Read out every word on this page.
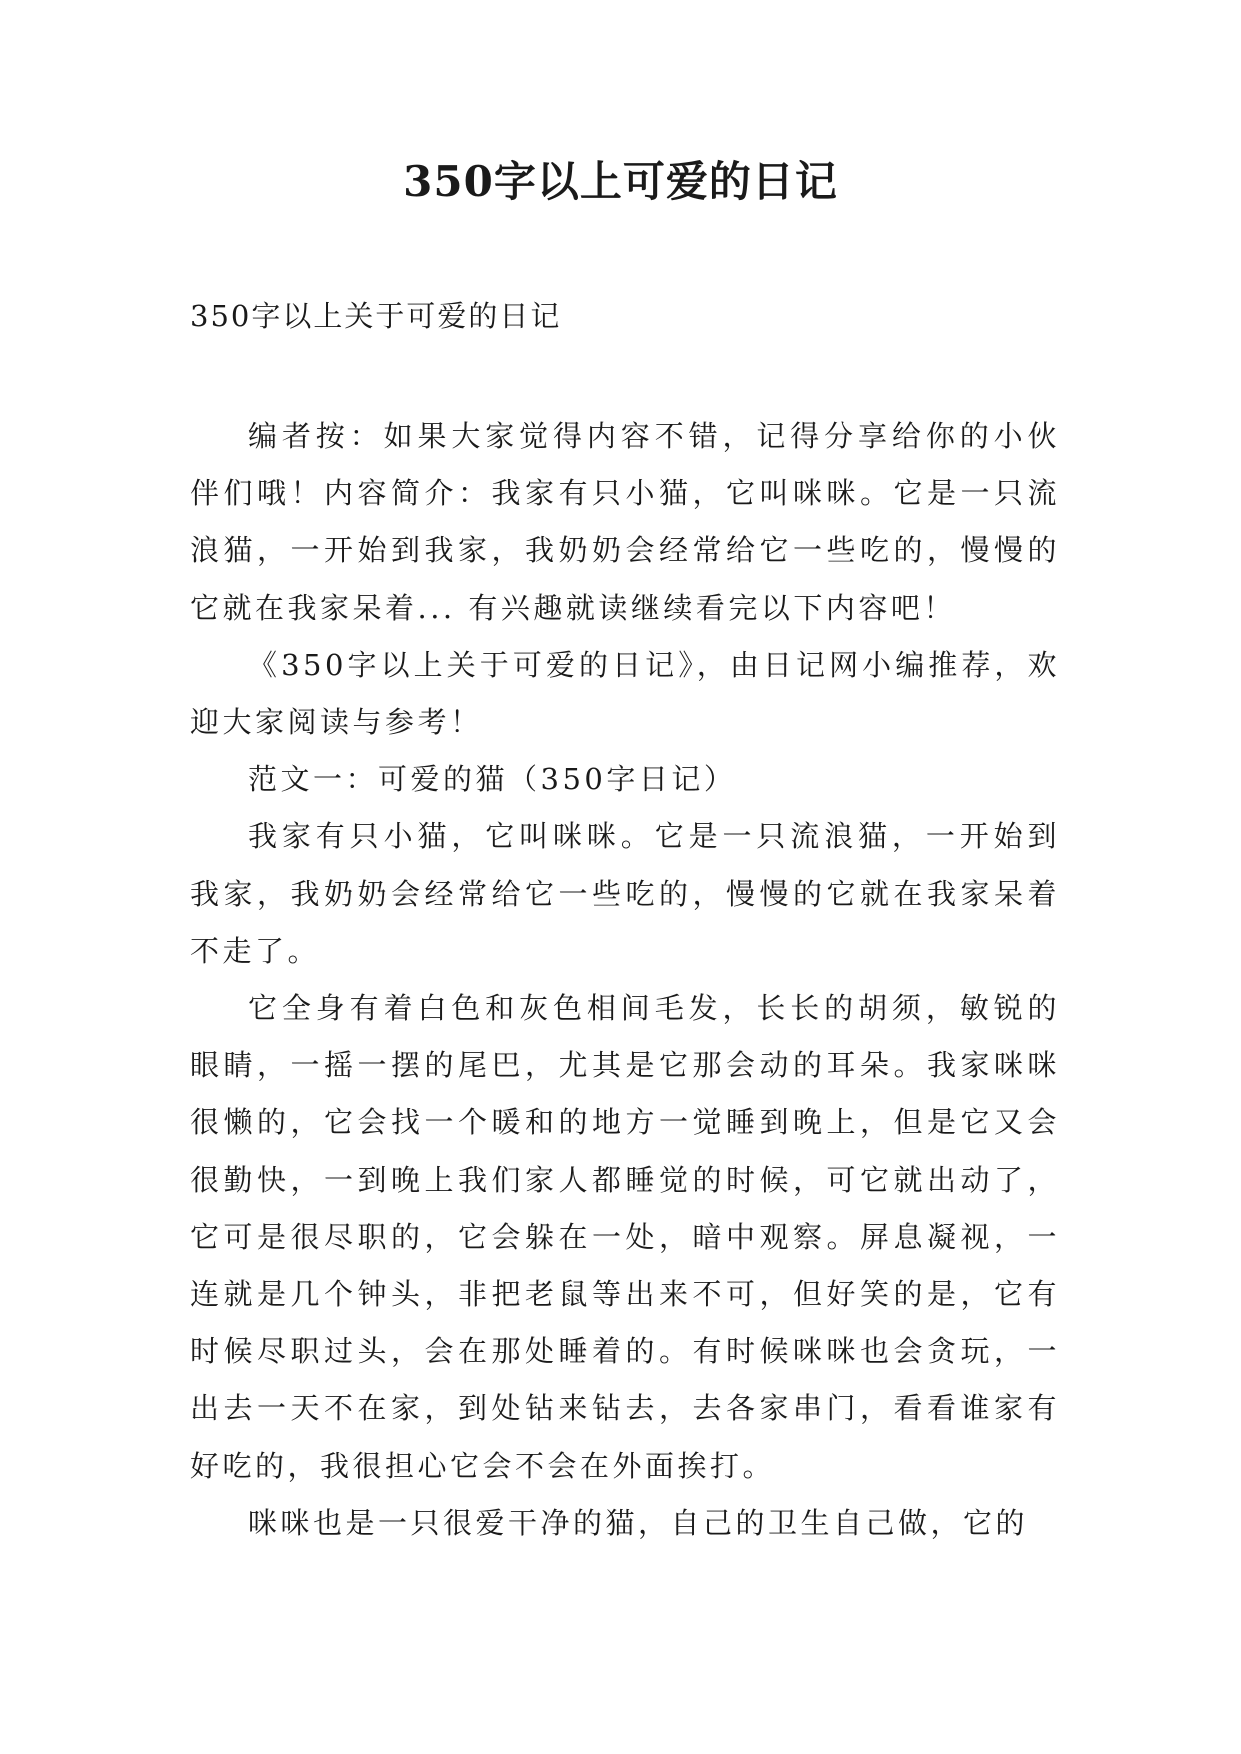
350字以上可爱的日记

350字以上关于可爱的日记

编者按：如果大家觉得内容不错，记得分享给你的小伙伴们哦！内容简介：我家有只小猫，它叫咪咪。它是一只流浪猫，一开始到我家，我奶奶会经常给它一些吃的，慢慢的它就在我家呆着... 有兴趣就读继续看完以下内容吧！

《350字以上关于可爱的日记》，由日记网小编推荐，欢迎大家阅读与参考！

范文一：可爱的猫（350字日记）

我家有只小猫，它叫咪咪。它是一只流浪猫，一开始到我家，我奶奶会经常给它一些吃的，慢慢的它就在我家呆着不走了。

它全身有着白色和灰色相间毛发，长长的胡须，敏锐的眼睛，一摇一摆的尾巴，尤其是它那会动的耳朵。我家咪咪很懒的，它会找一个暖和的地方一觉睡到晚上，但是它又会很勤快，一到晚上我们家人都睡觉的时候，可它就出动了，它可是很尽职的，它会躲在一处，暗中观察。屏息凝视，一连就是几个钟头，非把老鼠等出来不可，但好笑的是，它有时候尽职过头，会在那处睡着的。有时候咪咪也会贪玩，一出去一天不在家，到处钻来钻去，去各家串门，看看谁家有好吃的，我很担心它会不会在外面挨打。

咪咪也是一只很爱干净的猫，自己的卫生自己做，它的
